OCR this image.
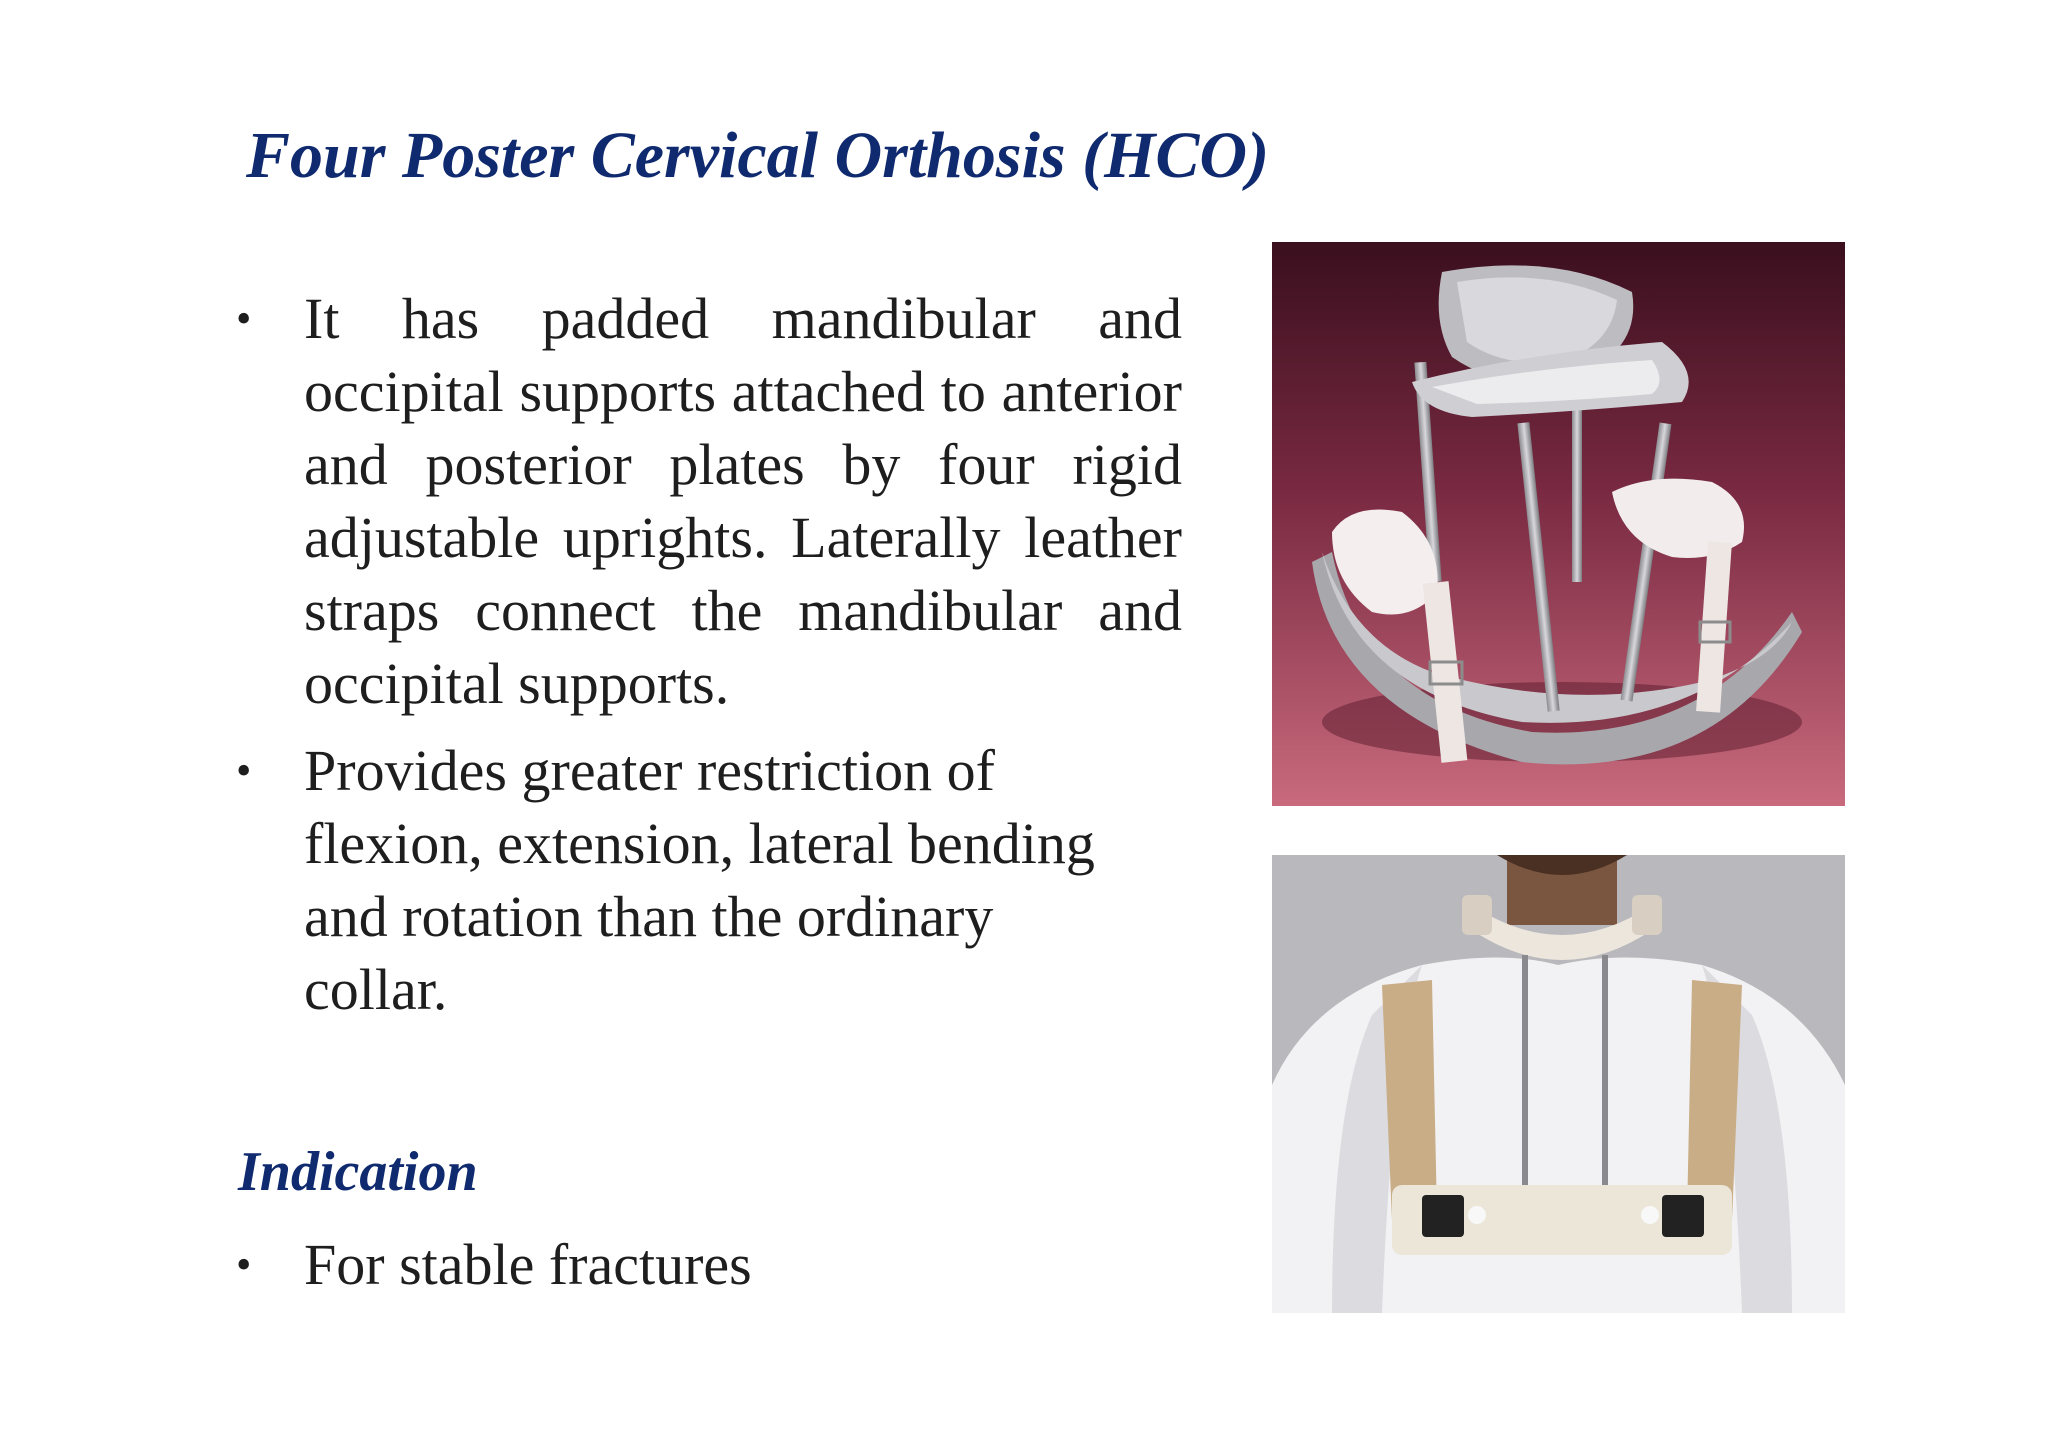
Four Poster Cervical Orthosis (HCO)
• It has padded mandibular and occipital supports attached to anterior and posterior plates by four rigid adjustable uprights. Laterally leather straps connect the mandibular and occipital supports.
• Provides greater restriction of flexion, extension, lateral bending and rotation than the ordinary collar.
Indication
• For stable fractures
